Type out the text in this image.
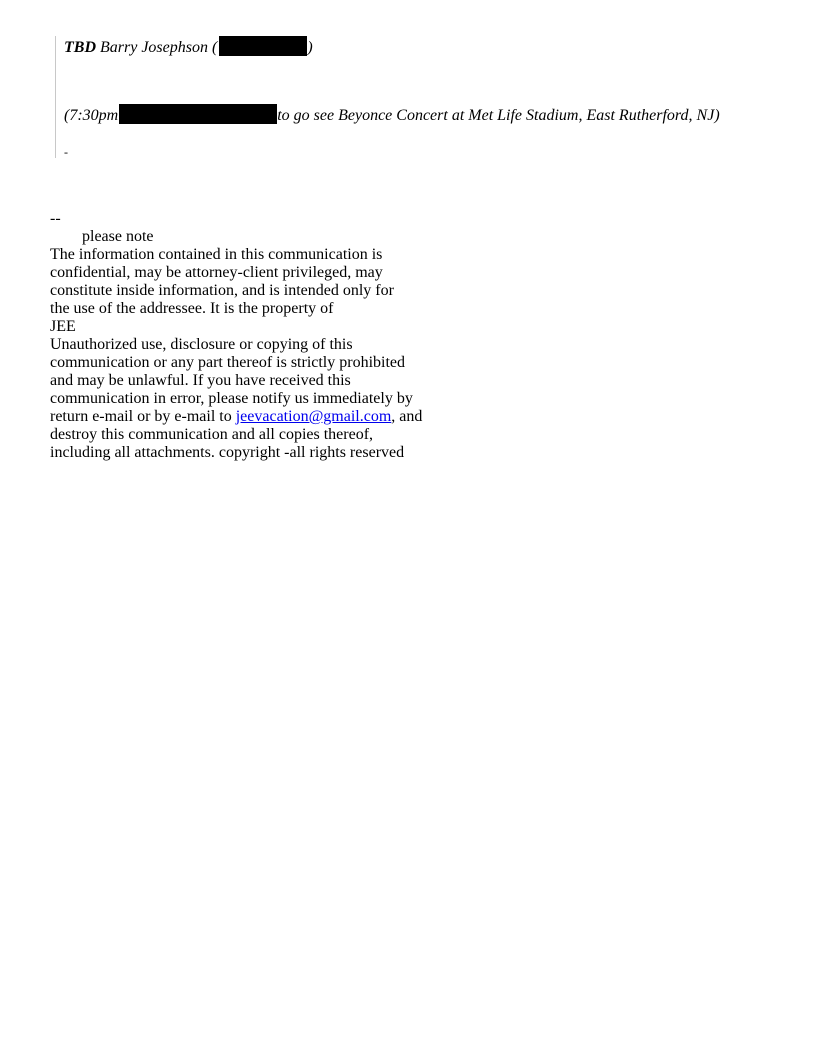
TBD Barry Josephson (	)
(7:30pm	to go see Beyonce Concert at Met Life Stadium, East Rutherford, NJ)
-
--
please note
The information contained in this communication is
confidential, may be attorney-client privileged, may
constitute inside information, and is intended only for
the use of the addressee. It is the property of
JEE
Unauthorized use, disclosure or copying of this
communication or any part thereof is strictly prohibited
and may be unlawful. If you have received this
communication in error, please notify us immediately by
return e-mail or by e-mail to jeevacation@gmail.com, and
destroy this communication and all copies thereof,
including all attachments. copyright -all rights reserved
